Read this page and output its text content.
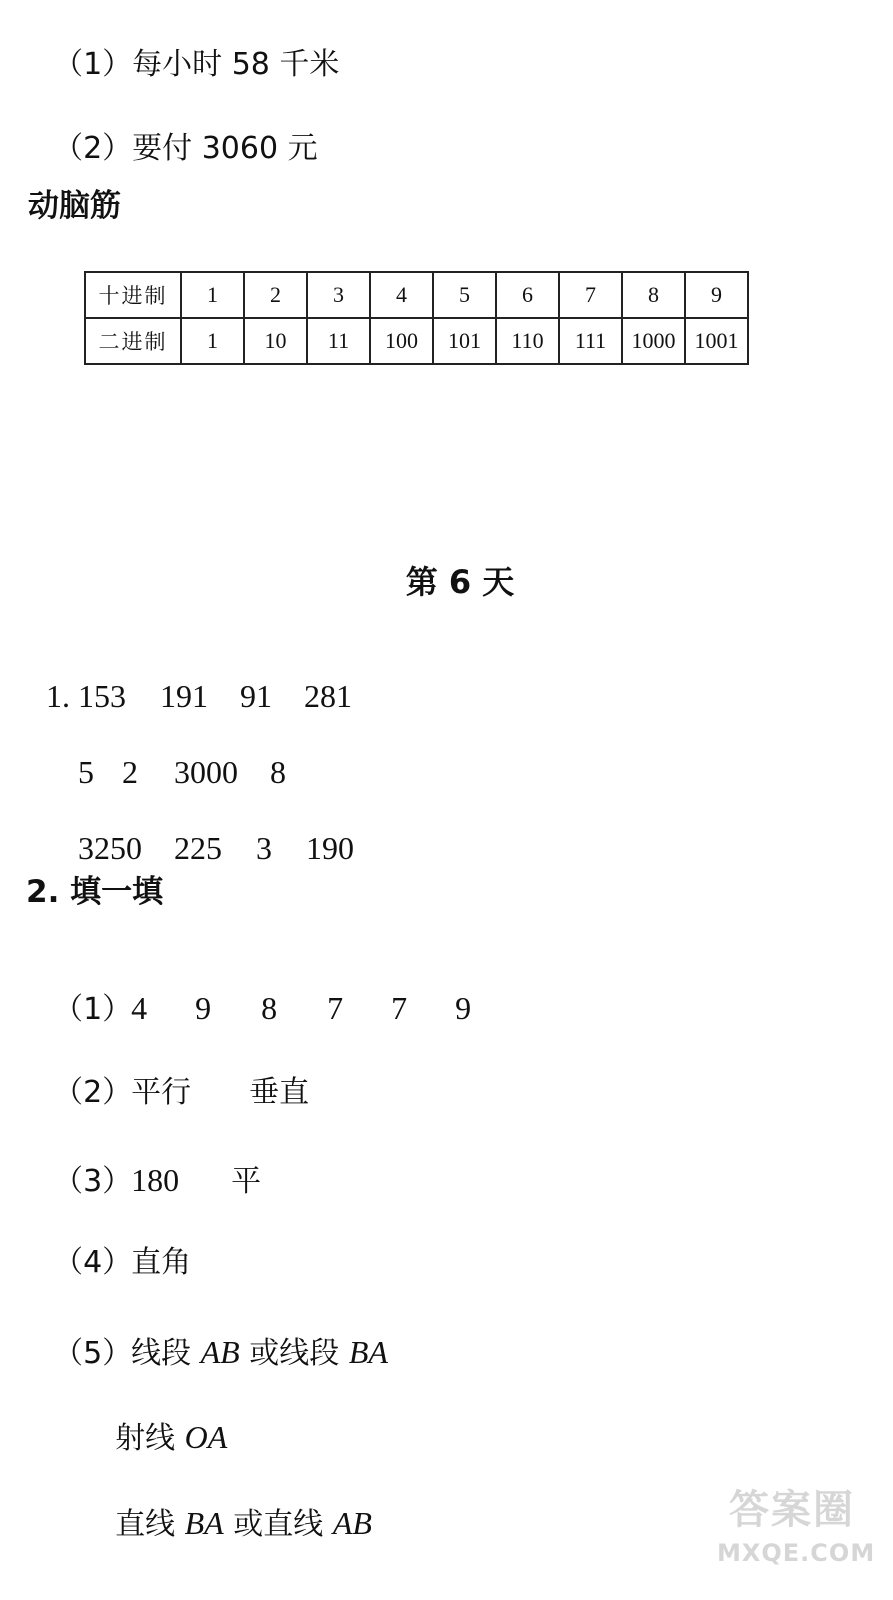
（1）每小时 58 千米

（2）要付 3060 元

动脑筋
十进制	1	2	3	4	5	6	7	8	9
二进制	1	10	11	100	101	110	111	1000	1001
第 6 天

1. 153 191 91 281

5 2 3000 8

3250 225 3 190

2. 填一填

（1）4 9 8 7 7 9

（2）平行 垂直

（3）180 平

（4）直角

（5）线段 AB 或线段 BA

射线 OA

直线 BA 或直线 AB	答案圈
MXQE.COM
